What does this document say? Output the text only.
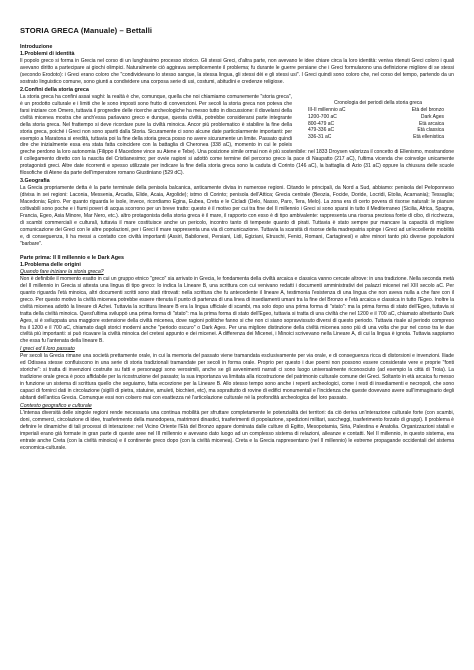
STORIA GRECA (Manuale) – Bettalli

Introduzione

1.Problemi di identità

Il popolo greco si forma in Grecia nel corso di un lunghissimo processo storico. Gli stessi Greci, d'altra parte, non avevano le idee chiare circa la loro identità: veniva ritenuti Greci coloro i quali avevano diritto a partecipare ai giochi olimpici. Naturalmente ciò aggirava semplicemente il problema; fu durante le guerre persiane che i Greci formularono una definizione migliore di se stessi (secondo Erodoto): i Greci erano coloro che "condividevano lo stesso sangue, la stessa lingua, gli stessi dèi e gli stessi usi". I Greci quindi sono coloro che, nel corso del tempo, partendo da un sostrato linguistico comune, sono giunti a condividere una corposa serie di usi, costumi, abitudini e credenze religiose.

2.Confini della storia greca

Cronologia dei periodi della storia greca

III-II millennio aC	Età del bronzo
1200-700 aC	Dark Ages
800-479 aC	Età arcaica
479-336 aC	Età classica
336-31 aC	Età ellenistica

La storia greca ha confini assai vaghi: la realtà è che, comunque, quella che noi chiamiamo comunemente "storia greca", è un prodotto culturale e i limiti che le sono imposti sono frutto di convenzioni. Per secoli la storia greca non poteva che farsi iniziare con Omero, tuttavia il progredire delle ricerche archeologiche ha messo tutto in discussione: il disvelarsi della civiltà micenea mostra che anch'essa parlavano greco e dunque, questa civiltà, potrebbe considerarsi parte integrante della storia greca. Nel frattempo si deve ricordare pure la civiltà minoica. Ancor più problematico è stabilire la fine della storia greca, poiché i Greci non sono spariti dalla Storia. Sicuramente ci sono alcune date particolarmente importanti: per esempio a Maratona si eredità, tuttavia poi la fine della storia greca posso no avere sicuramente un limite. Passato quindi dire che inizialmente essa era stata fatta coincidere con la battaglia di Cheronea (338 aC), momento in cui le poleis greche perdono la loro autonomia (Filippo il Macedone vince su Atene e Tebe). Una posizione simile ormai non è più sostenibile: nel 1833 Droysen valorizza il concetto di Ellenismo, mostrandone il collegamento diretto con la nascita del Cristianesimo; per ovvie ragioni si adottò come termine del percorso greco la pace di Naupatto (217 aC), l'ultima vicenda che coinvolge unicamente protagonisti greci. Altre date ricorrenti e spesso utilizzate per indicare la fine della storia greca sono la caduta di Corinto (146 aC), la battaglia di Azio (31 aC) oppure la chiusura delle scuole filosofiche di Atene da parte dell'imperatore romano Giustiniano (529 dC).

3.Geografia

La Grecia propriamente detta è la parte terminale della penisola balcanica, anticamente divisa in numerose regioni. Citando le principali, da Nord a Sud, abbiamo: penisola del Peloponneso (divisa in sei regioni: Laconia, Messenia, Arcadia, Elide, Acaia, Argolide); istmo di Corinto; penisola dell'Attica; Grecia centrale (Beozia, Focide, Doride, Locridi, Etolia, Acarnania); Tessaglia; Macedonia; Epiro. Per quanto riguarda le isole, invece, ricordiamo Egina, Eubea, Creta e le Cicladi (Delo, Nasso, Paro, Tera, Melo). La zona era di certo povera di risorse naturali: le pianure coltivabili sono poche e i fiumi poveri di acqua scorrono per un breve tratto: questo è il motivo per cui tra fine del II millennio i Greci si sono sparsi in tutto il Mediterraneo (Sicilia, Africa, Spagna, Francia, Egeo, Asia Minore, Mar Nero, etc.). altro protagonista della storia greca è il mare, il rapporto con esso è di tipo ambivalente: rappresenta una risorsa preziosa fonte di cibo, di ricchezza, di scambi commerciali e culturali, tuttavia il mare costituisce anche un pericolo, incontro tanto di tempeste quanto di pirati. Tuttavia è stato sempre pur mancare la capacità di migliore comunicazione dei Greci con le altre popolazioni, per i Greci il mare rappresenta una via di comunicazione. Tuttavia la scarsità di risorse della madrepatria spinge i Greci ad un'eccellente mobilità e, di conseguenza, li ha messi a contatto con civiltà importanti (Assiri, Babilonesi, Persiani, Lidi, Egiziani, Etruschi, Fenici, Romani, Cartaginesi) e altre minori tanto più diverse popolazioni "barbare".

Parte prima: Il II millennio e le Dark Ages

1.Problema delle origini

Quando fare iniziare la storia greca?

Non è definibile il momento esatto in cui un gruppo etnico "greco" sia arrivato in Grecia, le fondamenta della civiltà arcaica e classica vanno cercate altrove: in una tradizione. Nella seconda metà del II millennio in Grecia si attesta una lingua di tipo greco: lo indica la Lineare B, una scrittura con cui venivano redatti i documenti amministrativi dei palazzi micenei nel XIII secolo aC. Per quanto riguarda l'età minoica, altri documenti scritti sono stati ritrovati: nella scrittura che fu antecedente il lineare A, testimonia l'esistenza di una lingua che non aveva nulla a che fare con il greco. Per questo motivo la civiltà micenea potrebbe essere ritenuta il punto di partenza di una linea di insediamenti umani tra la fine del Bronzo e l'età arcaica e classica in tutto l'Egeo. Inoltre la civiltà micenea adottò la lineare di Achei. Tuttavia la scrittura lineare B era la lingua ufficiale di scambi, ma solo dopo una prima forma di "stato": ma la prima forma di stato dell'Egeo, tuttavia si tratta della civiltà minoica. Quest'ultima sviluppò una prima forma di "stato": ma la prima forma di stato dell'Egeo, tuttavia si tratta di una civiltà che nel 1200 e il 700 aC, chiamato altrettanto Dark Ages, si è sviluppata una maggiore estensione della civiltà micenea, dove ragioni politiche fanno si che non ci siano sopravvissuto diversi di questo periodo. Tuttavia risale al periodo compreso fra il 1200 e il 700 aC, chiamato dagli storici moderni anche "periodo oscuro" o Dark Ages. Per una migliore distinzione della civiltà micenea sono più di una volta che pur nel corso tra le due civiltà più importanti: si può ricavare la civiltà minoica del cretesi appunto e dei micenei. A differenza dei Micenei, i Minoici scrivevano nella Lineare A, di cui la lingua è ignota. Tuttavia sappiamo che essa fu l'antenata della lineare B.

I greci ed il loro passato

Per secoli la Grecia rimane una società prettamente orale, in cui la memoria del passato viene tramandata esclusivamente per via orale, e di conseguenza ricca di distorsioni e invenzioni. Iliade ed Odissea stesse confluiscono in una serie di storia tradizionali tramandate per secoli in forma orale. Proprio per questo i due poemi non possono essere considerate vere e proprie "fonti storiche": si tratta di invenzioni costruite su fatti e personaggi sono verosimili, anche se gli avvenimenti narrati ci sono luogo universalmente riconosciuto (ad esempio la città di Troia). La tradizione orale greca è poco affidabile per la ricostruzione del passato; la sua importanza va limitata alla ricostruzione del patrimonio culturale comune dei Greci. Soltanto in età arcaica fu messo in funzione un sistema di scrittura quello che seguiamo, fatta eccezione per la Lineare B. Allo stesso tempo sono anche i reperti archeologici, come i resti di insediamenti e necropoli, che sono capaci di fornirci dati in circolazione (sigilli di pietra, statuine, amuleti, bicchieri, etc), ma soprattutto di rovine di edifici monumentali e l'incidenza che queste dovevano avere sull'immaginario degli abitanti dell'antica Grecia. Comunque essi non colsero mai con esattezza né l'articolazione culturale né la profondità archeologica del loro passato.

Contesto geografico e culturale

L'intensa diversità delle singole regioni rende necessaria una continua mobilità per sfruttare completamente le potenzialità dei territori: da ciò deriva un'interazione culturale forte (con scambi, doni, commerci, circolazione di idee, trasferimento della manodopera, matrimoni dinastici, trasferimenti di popolazione, spedizioni militari, saccheggi, trasferimento forzato di gruppi). Il problema è definire le dinamiche di tali processi di interazione: nel Vicino Oriente l'Età del Bronzo appare dominata dalle culture di Egitto, Mesopotamia, Siria, Palestina e Anatolia. Organizzazioni statali e imperiali erano già formate in gran parte di queste aree nel III millennio e avevano dato luogo ad un complesso sistema di relazioni, alleanze e contatti. Nel II millennio, in questo sistema, era entrate anche Creta (con la civiltà minoica) e il continente greco dopo (con la civiltà micenea). Creta e la Grecia rappresentano (nel II millennio) le estreme propagande occidentali del sistema economica-culturale.
